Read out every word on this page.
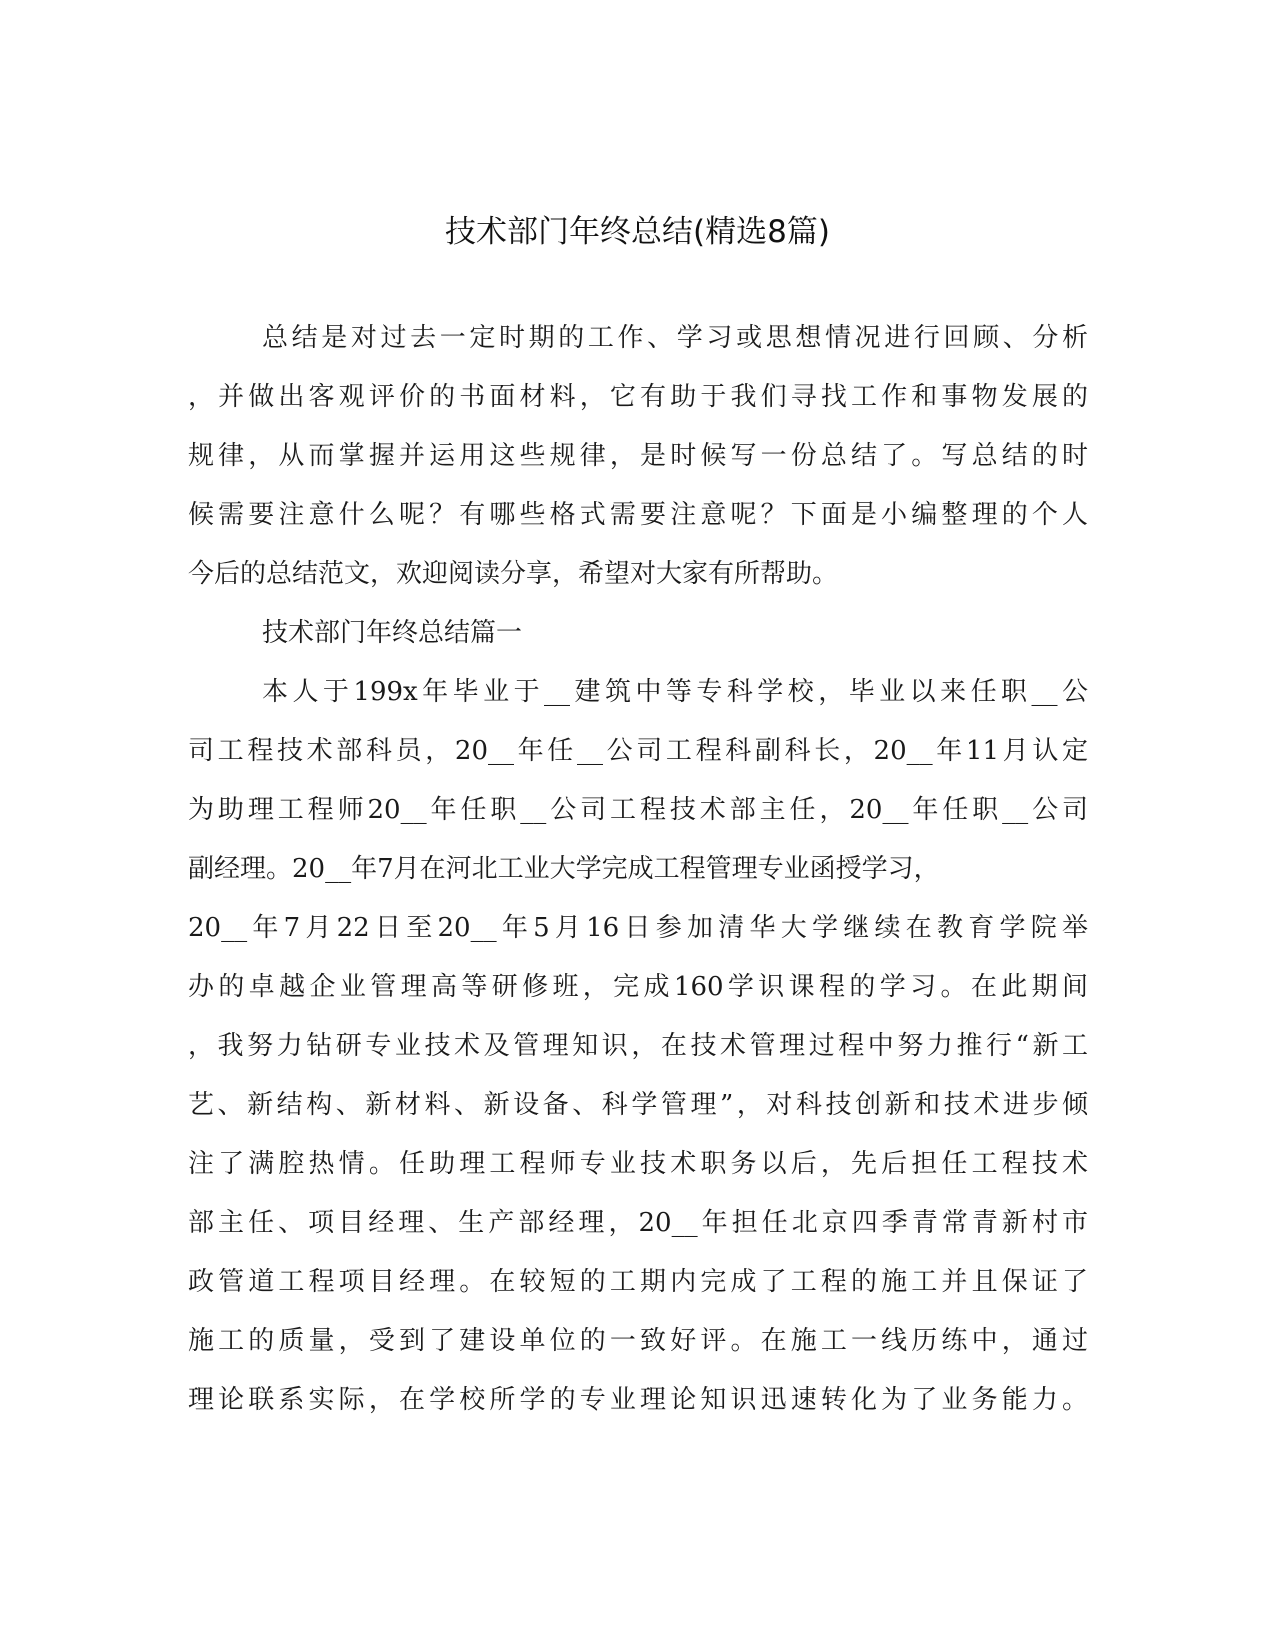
技术部门年终总结(精选8篇)
总结是对过去一定时期的工作、学习或思想情况进行回顾、分析
，并做出客观评价的书面材料，它有助于我们寻找工作和事物发展的
规律，从而掌握并运用这些规律，是时候写一份总结了。写总结的时
候需要注意什么呢？有哪些格式需要注意呢？下面是小编整理的个人
今后的总结范文，欢迎阅读分享，希望对大家有所帮助。
技术部门年终总结篇一
本人于199x年毕业于__建筑中等专科学校，毕业以来任职__公
司工程技术部科员，20__年任__公司工程科副科长，20__年11月认定
为助理工程师20__年任职__公司工程技术部主任，20__年任职__公司
副经理。20__年7月在河北工业大学完成工程管理专业函授学习，
20__年7月22日至20__年5月16日参加清华大学继续在教育学院举
办的卓越企业管理高等研修班，完成160学识课程的学习。在此期间
，我努力钻研专业技术及管理知识，在技术管理过程中努力推行“新工
艺、新结构、新材料、新设备、科学管理”，对科技创新和技术进步倾
注了满腔热情。任助理工程师专业技术职务以后，先后担任工程技术
部主任、项目经理、生产部经理，20__年担任北京四季青常青新村市
政管道工程项目经理。在较短的工期内完成了工程的施工并且保证了
施工的质量，受到了建设单位的一致好评。在施工一线历练中，通过
理论联系实际，在学校所学的专业理论知识迅速转化为了业务能力。
